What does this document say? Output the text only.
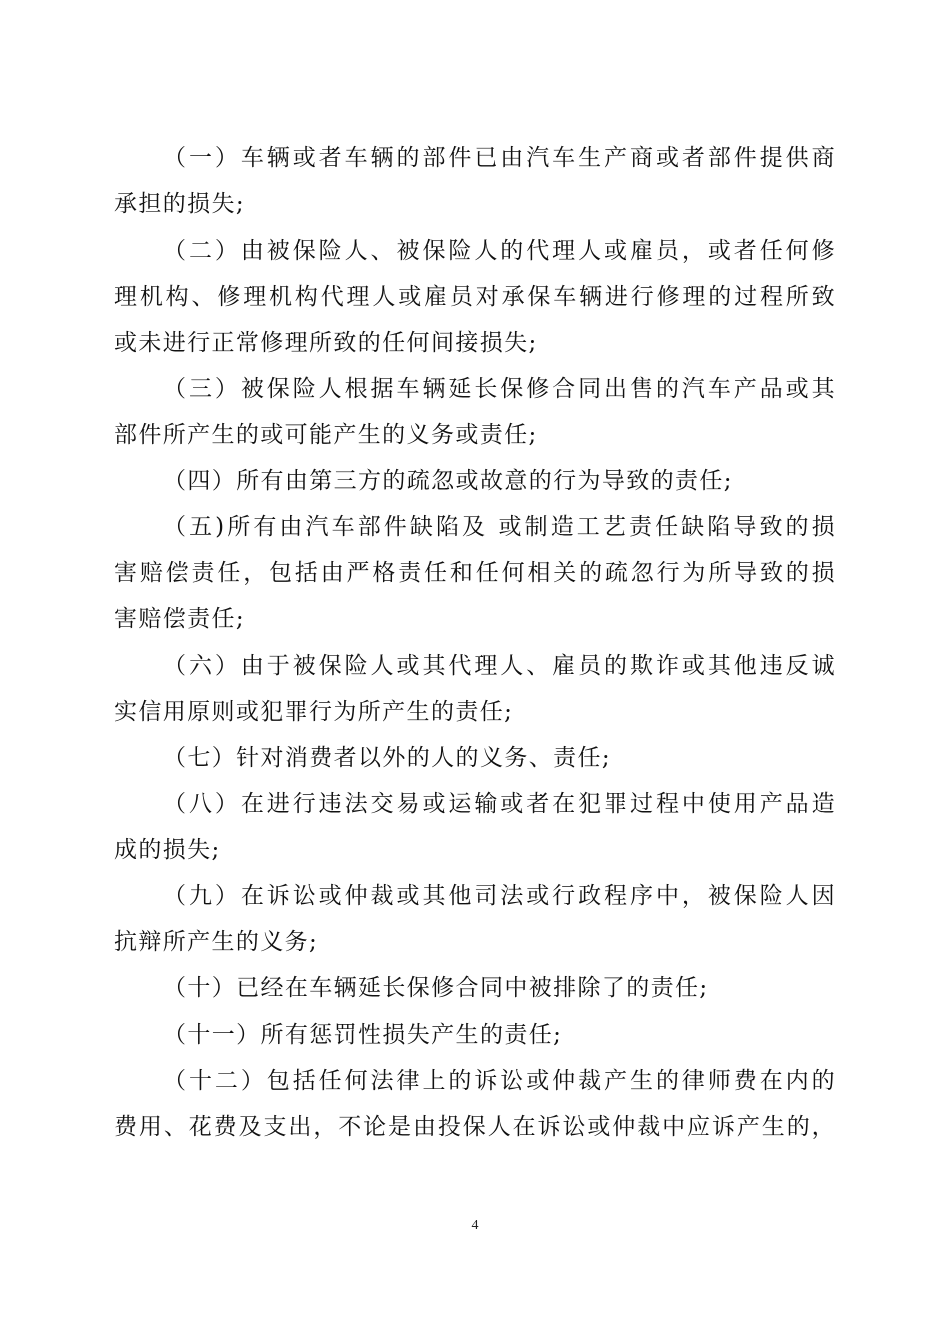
（一）车辆或者车辆的部件已由汽车生产商或者部件提供商
承担的损失;
（二）由被保险人、被保险人的代理人或雇员，或者任何修
理机构、修理机构代理人或雇员对承保车辆进行修理的过程所致
或未进行正常修理所致的任何间接损失;
（三）被保险人根据车辆延长保修合同出售的汽车产品或其
部件所产生的或可能产生的义务或责任;
（四）所有由第三方的疏忽或故意的行为导致的责任;
（五)所有由汽车部件缺陷及 或制造工艺责任缺陷导致的损
害赔偿责任，包括由严格责任和任何相关的疏忽行为所导致的损
害赔偿责任;
（六）由于被保险人或其代理人、雇员的欺诈或其他违反诚
实信用原则或犯罪行为所产生的责任;
（七）针对消费者以外的人的义务、责任;
（八）在进行违法交易或运输或者在犯罪过程中使用产品造
成的损失;
（九）在诉讼或仲裁或其他司法或行政程序中，被保险人因
抗辩所产生的义务;
（十）已经在车辆延长保修合同中被排除了的责任;
（十一）所有惩罚性损失产生的责任;
（十二）包括任何法律上的诉讼或仲裁产生的律师费在内的
费用、花费及支出，不论是由投保人在诉讼或仲裁中应诉产生的，
4
